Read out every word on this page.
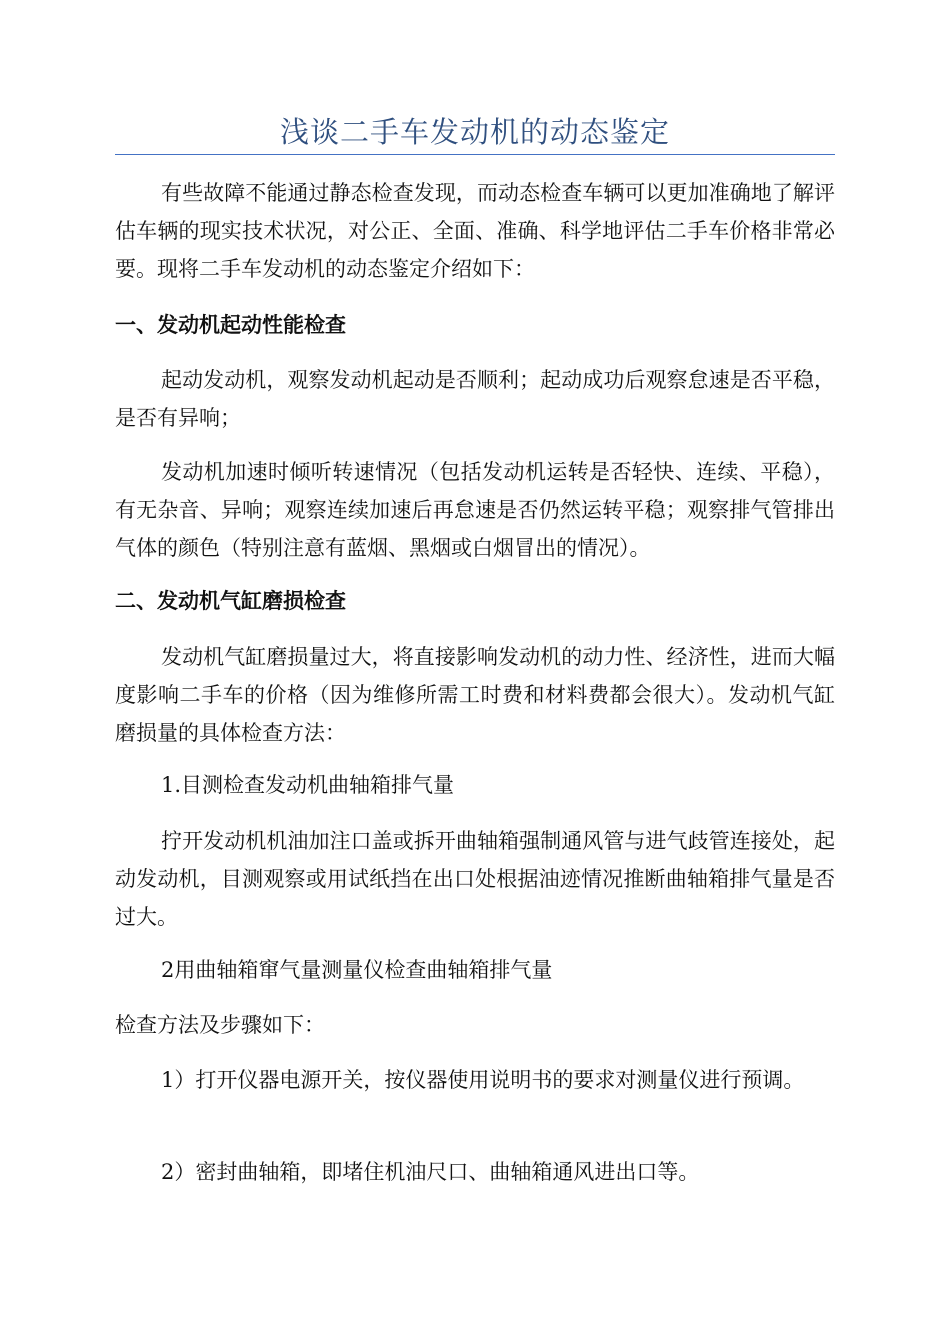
浅谈二手车发动机的动态鉴定

有些故障不能通过静态检查发现，而动态检查车辆可以更加准确地了解评估车辆的现实技术状况，对公正、全面、准确、科学地评估二手车价格非常必要。现将二手车发动机的动态鉴定介绍如下：

一、发动机起动性能检查

起动发动机，观察发动机起动是否顺利；起动成功后观察怠速是否平稳，是否有异响；

发动机加速时倾听转速情况（包括发动机运转是否轻快、连续、平稳），有无杂音、异响；观察连续加速后再怠速是否仍然运转平稳；观察排气管排出气体的颜色（特别注意有蓝烟、黑烟或白烟冒出的情况）。

二、发动机气缸磨损检查

发动机气缸磨损量过大，将直接影响发动机的动力性、经济性，进而大幅度影响二手车的价格（因为维修所需工时费和材料费都会很大）。发动机气缸磨损量的具体检查方法：

1.目测检查发动机曲轴箱排气量

拧开发动机机油加注口盖或拆开曲轴箱强制通风管与进气歧管连接处，起动发动机，目测观察或用试纸挡在出口处根据油迹情况推断曲轴箱排气量是否过大。

2用曲轴箱窜气量测量仪检查曲轴箱排气量

检查方法及步骤如下：

1）打开仪器电源开关，按仪器使用说明书的要求对测量仪进行预调。

2）密封曲轴箱，即堵住机油尺口、曲轴箱通风进出口等。
